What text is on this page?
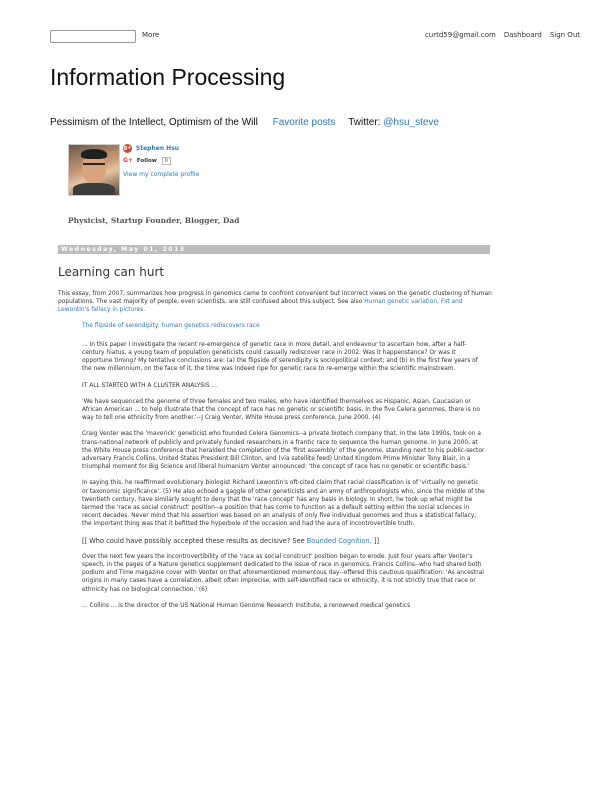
More	curtd59@gmail.com Dashboard Sign Out
Information Processing
Pessimism of the Intellect, Optimism of the Will Favorite posts Twitter: @hsu_steve
g+ Stephen Hsu
G+ Follow 0
View my complete profile
Physicist, Startup Founder, Blogger, Dad
Wednesday, May 01, 2013
Learning can hurt

This essay, from 2007, summarizes how progress in genomics came to confront convenient but incorrect views on the genetic clustering of human populations. The vast majority of people, even scientists, are still confused about this subject. See also Human genetic variation, Fst and Lewontin's fallacy in pictures.

The flipside of serendipity: human genetics rediscovers race

... In this paper I investigate the recent re-emergence of genetic race in more detail, and endeavour to ascertain how, after a half-century hiatus, a young team of population geneticists could casually rediscover race in 2002. Was it happenstance? Or was it opportune timing? My tentative conclusions are: (a) the flipside of serendipity is sociopolitical context; and (b) in the first few years of the new millennium, on the face of it, the time was indeed ripe for genetic race to re-emerge within the scientific mainstream.

IT ALL STARTED WITH A CLUSTER ANALYSIS ...

'We have sequenced the genome of three females and two males, who have identified themselves as Hispanic, Asian, Caucasian or African American ... to help illustrate that the concept of race has no genetic or scientific basis. In the five Celera genomes, there is no way to tell one ethnicity from another.'--J Craig Venter, White House press conference, June 2000. (4)

Craig Venter was the 'maverick' geneticist who founded Celera Genomics--a private biotech company that, in the late 1990s, took on a trans-national network of publicly and privately funded researchers in a frantic race to sequence the human genome. In June 2000, at the White House press conference that heralded the completion of the 'first assembly' of the genome, standing next to his public-sector adversary Francis Collins, United States President Bill Clinton, and (via satellite feed) United Kingdom Prime Minister Tony Blair, in a triumphal moment for Big Science and liberal humanism Venter announced: 'the concept of race has no genetic or scientific basis.'

In saying this, he reaffirmed evolutionary biologist Richard Lewontin's oft-cited claim that racial classification is of 'virtually no genetic or taxonomic significance'. (5) He also echoed a gaggle of other geneticists and an army of anthropologists who, since the middle of the twentieth century, have similarly sought to deny that the 'race concept' has any basis in biology. In short, he took up what might be termed the 'race as social construct' position--a position that has come to function as a default setting within the social sciences in recent decades. Never mind that his assertion was based on an analysis of only five individual genomes and thus a statistical fallacy; the important thing was that it befitted the hyperbole of the occasion and had the aura of incontrovertible truth.

[[ Who could have possibly accepted these results as decisive? See Bounded Cognition. ]]

Over the next few years the incontrovertibility of the 'race as social construct' position began to erode. Just four years after Venter's speech, in the pages of a Nature genetics supplement dedicated to the issue of race in genomics, Francis Collins--who had shared both podium and Time magazine cover with Venter on that aforementioned momentous day--offered this cautious qualification: 'As ancestral origins in many cases have a correlation, albeit often imprecise, with self-identified race or ethnicity, it is not strictly true that race or ethnicity has no biological connection.' (6)

... Collins ... is the director of the US National Human Genome Research Institute, a renowned medical genetics
